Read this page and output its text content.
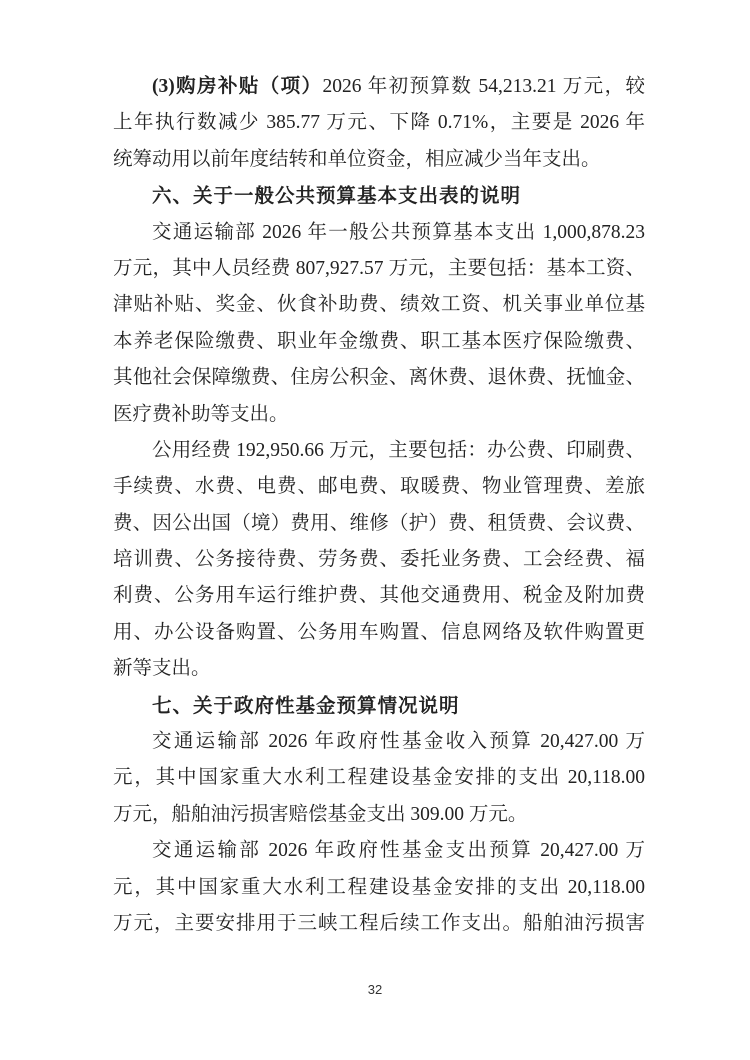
(3)购房补贴（项）2026 年初预算数 54,213.21 万元，较
上年执行数减少 385.77 万元、下降 0.71%，主要是 2026 年
统筹动用以前年度结转和单位资金，相应减少当年支出。
六、关于一般公共预算基本支出表的说明
交通运输部 2026 年一般公共预算基本支出 1,000,878.23
万元，其中人员经费 807,927.57 万元，主要包括：基本工资、
津贴补贴、奖金、伙食补助费、绩效工资、机关事业单位基
本养老保险缴费、职业年金缴费、职工基本医疗保险缴费、
其他社会保障缴费、住房公积金、离休费、退休费、抚恤金、
医疗费补助等支出。
公用经费 192,950.66 万元，主要包括：办公费、印刷费、
手续费、水费、电费、邮电费、取暖费、物业管理费、差旅
费、因公出国（境）费用、维修（护）费、租赁费、会议费、
培训费、公务接待费、劳务费、委托业务费、工会经费、福
利费、公务用车运行维护费、其他交通费用、税金及附加费
用、办公设备购置、公务用车购置、信息网络及软件购置更
新等支出。
七、关于政府性基金预算情况说明
交通运输部 2026 年政府性基金收入预算 20,427.00 万
元，其中国家重大水利工程建设基金安排的支出 20,118.00
万元，船舶油污损害赔偿基金支出 309.00 万元。
交通运输部 2026 年政府性基金支出预算 20,427.00 万
元，其中国家重大水利工程建设基金安排的支出 20,118.00
万元，主要安排用于三峡工程后续工作支出。船舶油污损害
32
